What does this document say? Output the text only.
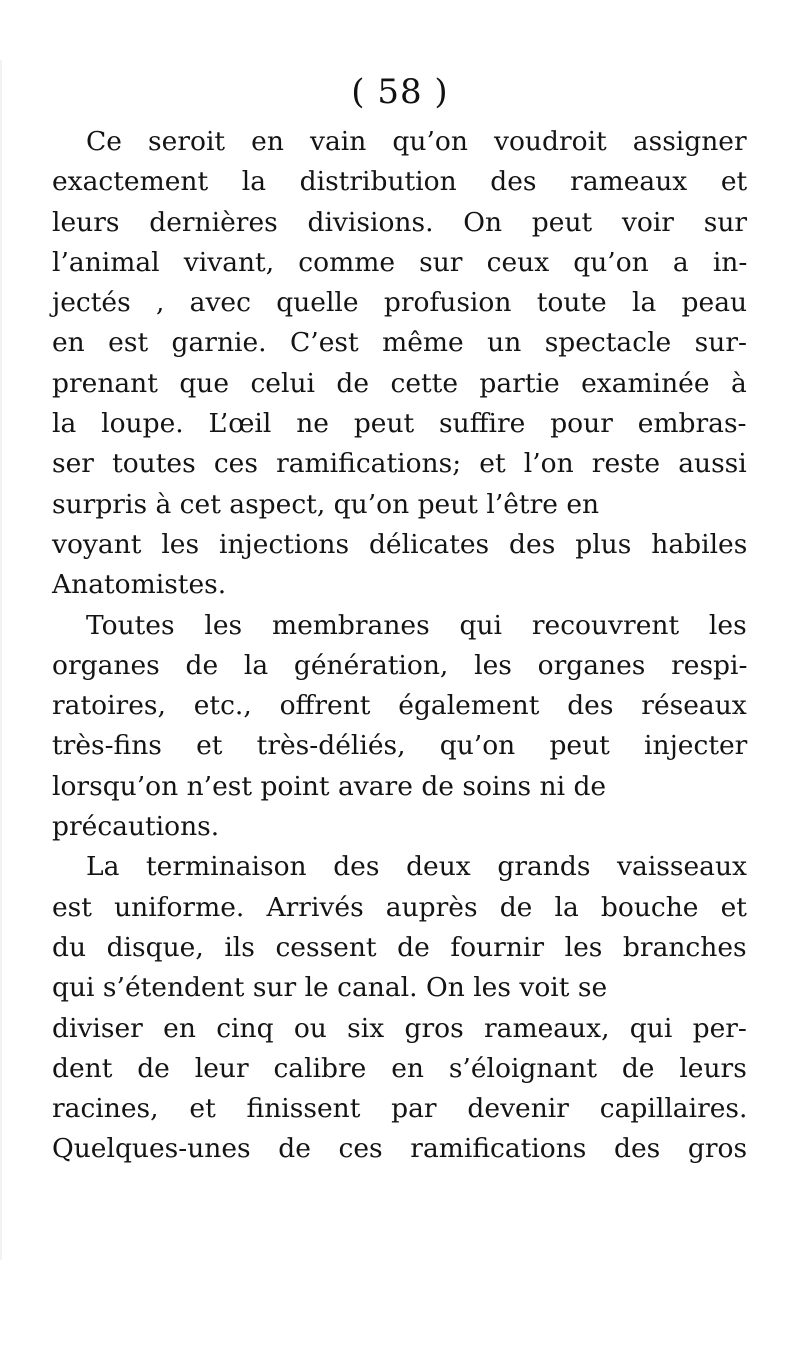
( 58 )
Ce seroit en vain qu’on voudroit assigner
exactement la distribution des rameaux et
leurs dernières divisions. On peut voir sur
l’animal vivant, comme sur ceux qu’on a in-
jectés , avec quelle profusion toute la peau
en est garnie. C’est même un spectacle sur-
prenant que celui de cette partie examinée à
la loupe. L’œil ne peut suffire pour embras-
ser toutes ces ramifications; et l’on reste aussi
surpris à cet aspect, qu’on peut l’être en
voyant les injections délicates des plus habiles
Anatomistes.
Toutes les membranes qui recouvrent les
organes de la génération, les organes respi-
ratoires, etc., offrent également des réseaux
très-fins et très-déliés, qu’on peut injecter
lorsqu’on n’est point avare de soins ni de
précautions.
La terminaison des deux grands vaisseaux
est uniforme. Arrivés auprès de la bouche et
du disque, ils cessent de fournir les branches
qui s’étendent sur le canal. On les voit se
diviser en cinq ou six gros rameaux, qui per-
dent de leur calibre en s’éloignant de leurs
racines, et finissent par devenir capillaires.
Quelques-unes de ces ramifications des gros
